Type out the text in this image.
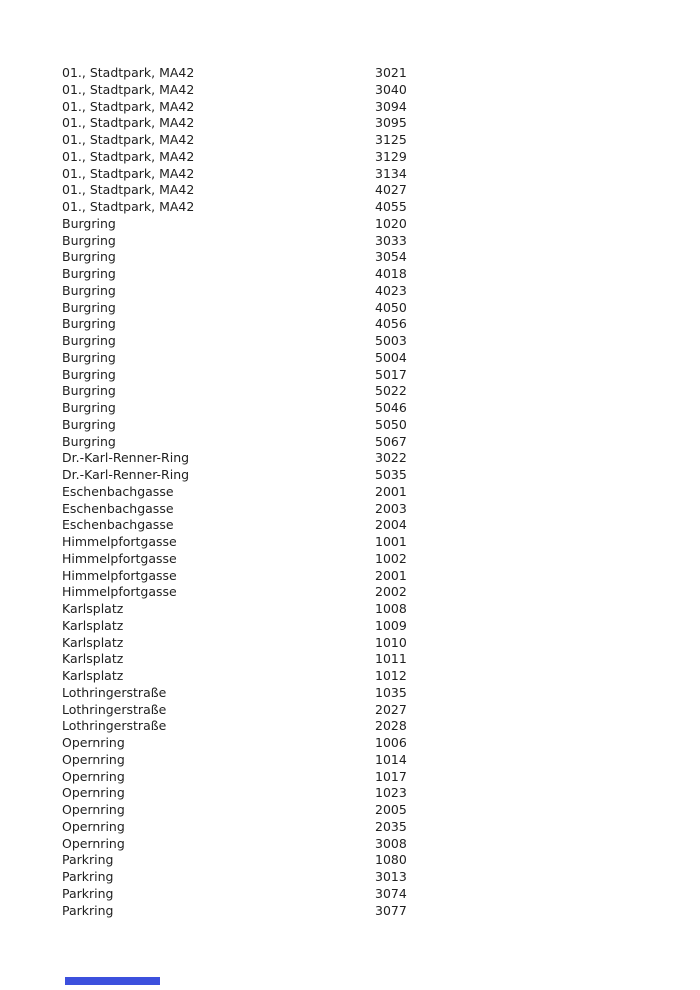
01., Stadtpark, MA42	3021
01., Stadtpark, MA42	3040
01., Stadtpark, MA42	3094
01., Stadtpark, MA42	3095
01., Stadtpark, MA42	3125
01., Stadtpark, MA42	3129
01., Stadtpark, MA42	3134
01., Stadtpark, MA42	4027
01., Stadtpark, MA42	4055
Burgring	1020
Burgring	3033
Burgring	3054
Burgring	4018
Burgring	4023
Burgring	4050
Burgring	4056
Burgring	5003
Burgring	5004
Burgring	5017
Burgring	5022
Burgring	5046
Burgring	5050
Burgring	5067
Dr.-Karl-Renner-Ring	3022
Dr.-Karl-Renner-Ring	5035
Eschenbachgasse	2001
Eschenbachgasse	2003
Eschenbachgasse	2004
Himmelpfortgasse	1001
Himmelpfortgasse	1002
Himmelpfortgasse	2001
Himmelpfortgasse	2002
Karlsplatz	1008
Karlsplatz	1009
Karlsplatz	1010
Karlsplatz	1011
Karlsplatz	1012
Lothringerstraße	1035
Lothringerstraße	2027
Lothringerstraße	2028
Opernring	1006
Opernring	1014
Opernring	1017
Opernring	1023
Opernring	2005
Opernring	2035
Opernring	3008
Parkring	1080
Parkring	3013
Parkring	3074
Parkring	3077
